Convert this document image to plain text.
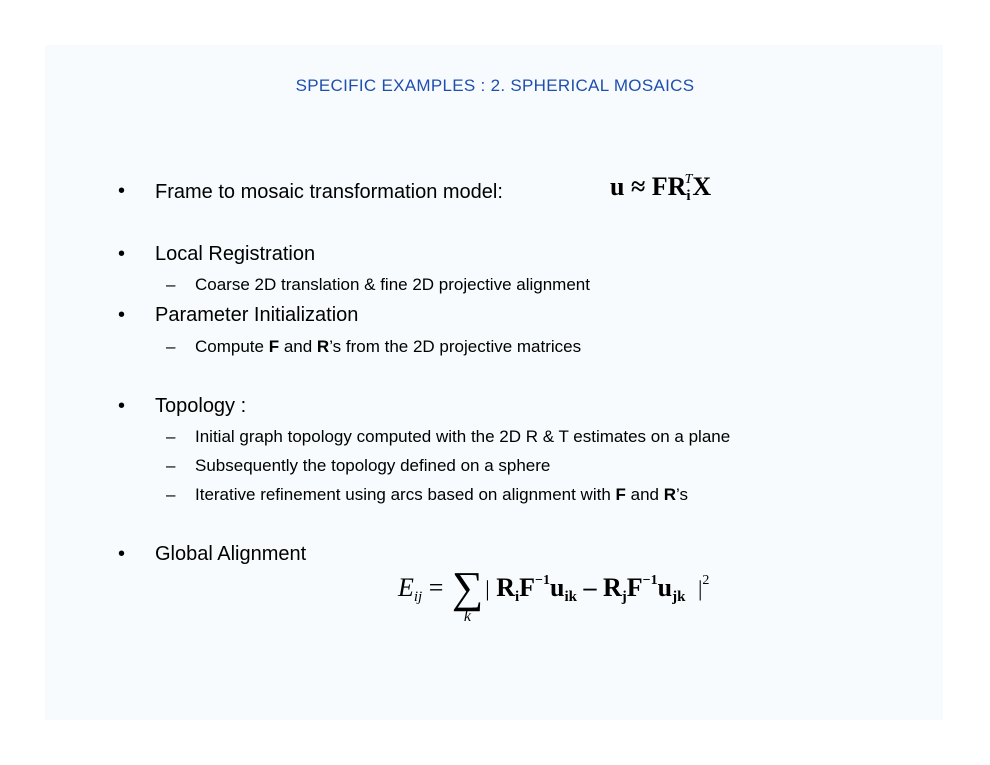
SPECIFIC EXAMPLES : 2. SPHERICAL MOSAICS
• Frame to mosaic transformation model:	$u \approx FR_i^TX$
• Local Registration
– Coarse 2D translation & fine 2D projective alignment
• Parameter Initialization
– Compute F and R’s from the 2D projective matrices
• Topology :
– Initial graph topology computed with the 2D R & T estimates on a plane
– Subsequently the topology defined on a sphere
– Iterative refinement using arcs based on alignment with F and R’s
• Global Alignment
$E_{ij}$ = ∑
k
| $R_iF^{-1}u_{ik} - R_jF^{-1}u_{jk}$ $|^2$
